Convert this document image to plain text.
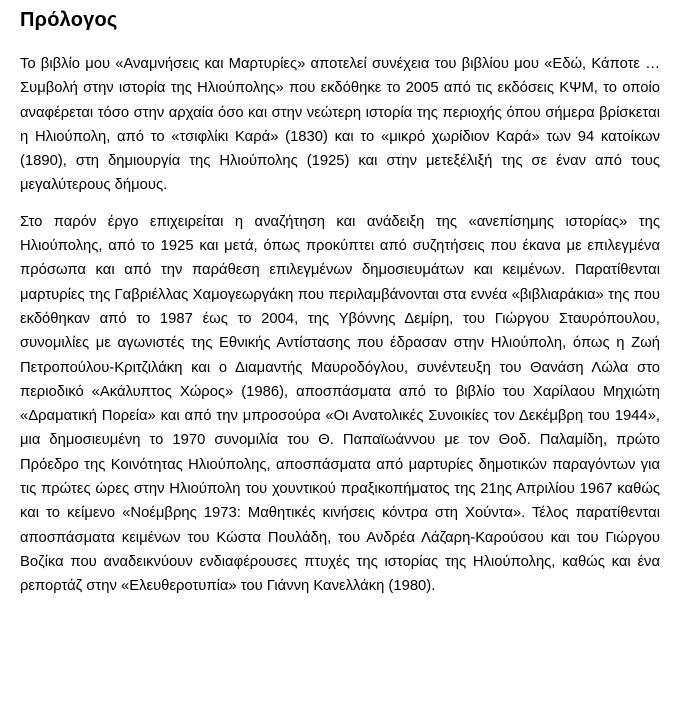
Πρόλογος

Το βιβλίο μου «Αναμνήσεις και Μαρτυρίες» αποτελεί συνέχεια του βιβλίου μου «Εδώ, Κάποτε …Συμβολή στην ιστορία της Ηλιούπολης» που εκδόθηκε το 2005 από τις εκδόσεις ΚΨΜ, το οποίο αναφέρεται τόσο στην αρχαία όσο και στην νεώτερη ιστορία της περιοχής όπου σήμερα βρίσκεται η Ηλιούπολη, από το «τσιφλίκι Καρά» (1830) και το «μικρό χωρίδιον Καρά» των 94 κατοίκων (1890), στη δημιουργία της Ηλιούπολης (1925) και στην μετεξέλιξή της σε έναν από τους μεγαλύτερους δήμους.

Στο παρόν έργο επιχειρείται η αναζήτηση και ανάδειξη της «ανεπίσημης ιστορίας» της Ηλιούπολης, από το 1925 και μετά, όπως προκύπτει από συζητήσεις που έκανα με επιλεγμένα πρόσωπα και από την παράθεση επιλεγμένων δημοσιευμάτων και κειμένων. Παρατίθενται μαρτυρίες της Γαβριέλλας Χαμογεωργάκη που περιλαμβάνονται στα εννέα «βιβλιαράκια» της που εκδόθηκαν από το 1987 έως το 2004, της Υβόννης Δεμίρη, του Γιώργου Σταυρόπουλου, συνομιλίες με αγωνιστές της Εθνικής Αντίστασης που έδρασαν στην Ηλιούπολη, όπως η Ζωή Πετροπούλου-Κριτζιλάκη και ο Διαμαντής Μαυροδόγλου, συνέντευξη του Θανάση Λώλα στο περιοδικό «Ακάλυπτος Χώρος» (1986), αποσπάσματα από το βιβλίο του Χαρίλαου Μηχιώτη «Δραματική Πορεία» και από την μπροσούρα «Οι Ανατολικές Συνοικίες τον Δεκέμβρη του 1944», μια δημοσιευμένη το 1970 συνομιλία του Θ. Παπαϊωάννου με τον Θοδ. Παλαμίδη, πρώτο Πρόεδρο της Κοινότητας Ηλιούπολης, αποσπάσματα από μαρτυρίες δημοτικών παραγόντων για τις πρώτες ώρες στην Ηλιούπολη του χουντικού πραξικοπήματος της 21ης Απριλίου 1967 καθώς και το κείμενο «Νοέμβρης 1973: Μαθητικές κινήσεις κόντρα στη Χούντα». Τέλος παρατίθενται αποσπάσματα κειμένων του Κώστα Πουλάδη, του Ανδρέα Λάζαρη-Καρούσου και του Γιώργου Βοζίκα που αναδεικνύουν ενδιαφέρουσες πτυχές της ιστορίας της Ηλιούπολης, καθώς και ένα ρεπορτάζ στην «Ελευθεροτυπία» του Γιάννη Κανελλάκη (1980).
